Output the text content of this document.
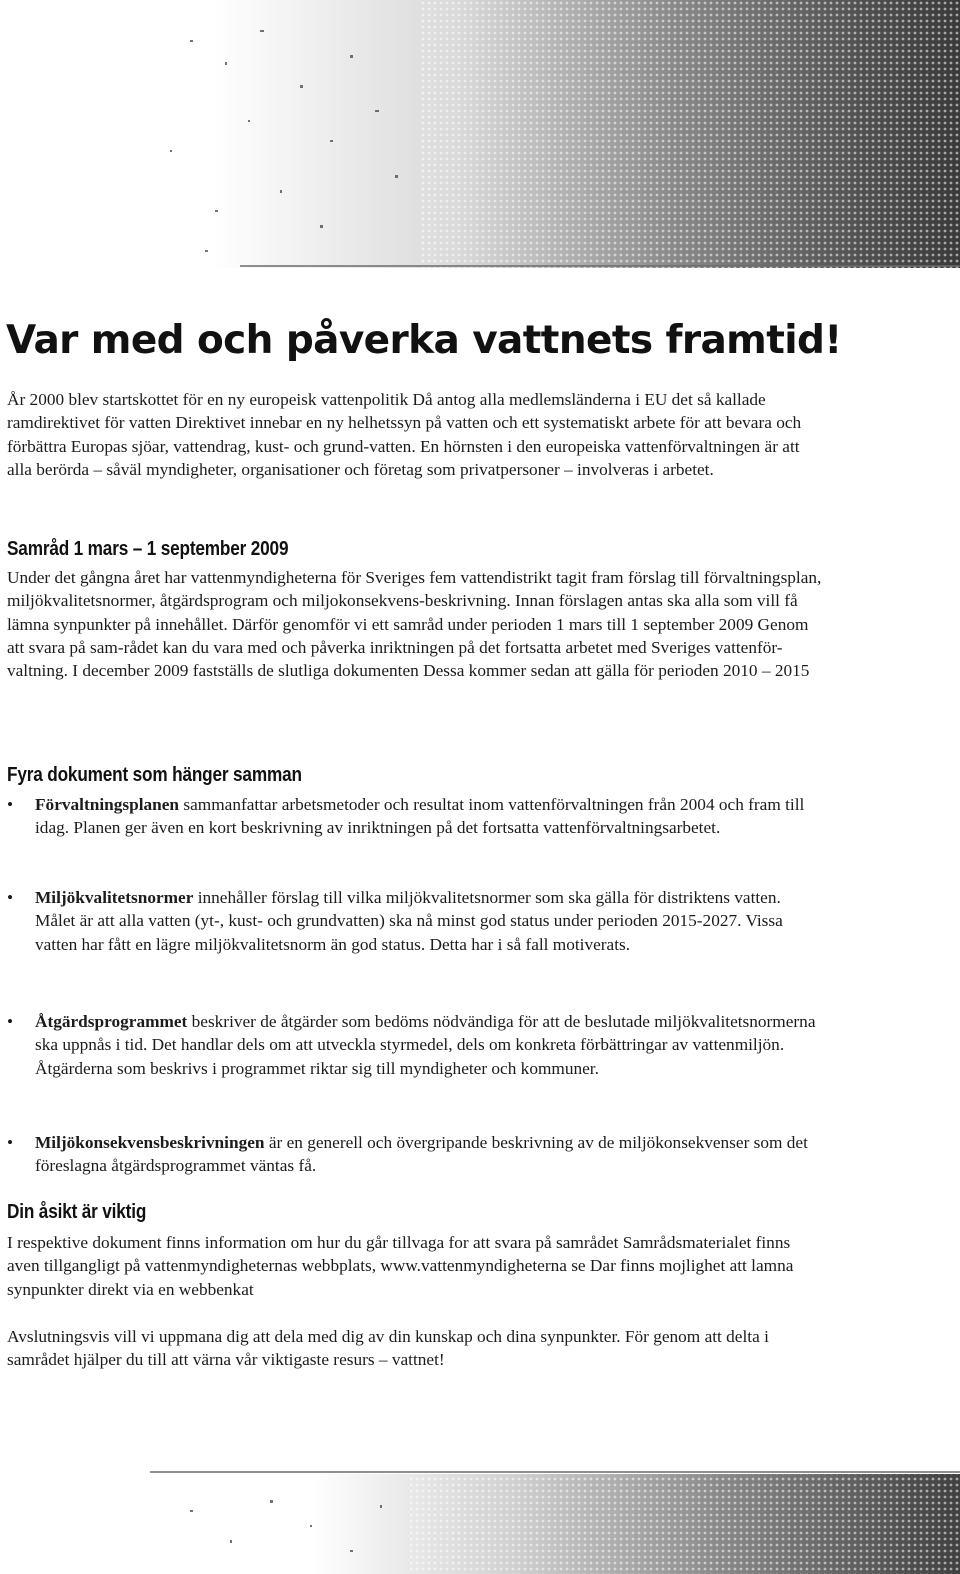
Var med och påverka vattnets framtid!

År 2000 blev startskottet för en ny europeisk vattenpolitik Då antog alla medlemsländerna i EU det så kallade ramdirektivet för vatten Direktivet innebar en ny helhetssyn på vatten och ett systematiskt arbete för att bevara och förbättra Europas sjöar, vattendrag, kust- och grund-vatten. En hörnsten i den europeiska vattenförvaltningen är att alla berörda – såväl myndigheter, organisationer och företag som privatpersoner – involveras i arbetet.

Samråd 1 mars – 1 september 2009

Under det gångna året har vattenmyndigheterna för Sveriges fem vattendistrikt tagit fram förslag till förvaltningsplan, miljökvalitetsnormer, åtgärdsprogram och miljokonsekvens-beskrivning. Innan förslagen antas ska alla som vill få lämna synpunkter på innehållet. Därför genomför vi ett samråd under perioden 1 mars till 1 september 2009 Genom att svara på sam-rådet kan du vara med och påverka inriktningen på det fortsatta arbetet med Sveriges vattenför-valtning. I december 2009 fastställs de slutliga dokumenten Dessa kommer sedan att gälla för perioden 2010 – 2015

Fyra dokument som hänger samman
• Förvaltningsplanen sammanfattar arbetsmetoder och resultat inom vattenförvaltningen från 2004 och fram till idag. Planen ger även en kort beskrivning av inriktningen på det fortsatta vattenförvaltningsarbetet.
• Miljökvalitetsnormer innehåller förslag till vilka miljökvalitetsnormer som ska gälla för distriktens vatten. Målet är att alla vatten (yt-, kust- och grundvatten) ska nå minst god status under perioden 2015-2027. Vissa vatten har fått en lägre miljökvalitetsnorm än god status. Detta har i så fall motiverats.
• Åtgärdsprogrammet beskriver de åtgärder som bedöms nödvändiga för att de beslutade miljökvalitetsnormerna ska uppnås i tid. Det handlar dels om att utveckla styrmedel, dels om konkreta förbättringar av vattenmiljön. Åtgärderna som beskrivs i programmet riktar sig till myndigheter och kommuner.
• Miljökonsekvensbeskrivningen är en generell och övergripande beskrivning av de miljökonsekvenser som det föreslagna åtgärdsprogrammet väntas få.
Din åsikt är viktig

I respektive dokument finns information om hur du går tillvaga for att svara på samrådet Samrådsmaterialet finns aven tillgangligt på vattenmyndigheternas webbplats, www.vattenmyndigheterna se Dar finns mojlighet att lamna synpunkter direkt via en webbenkat

Avslutningsvis vill vi uppmana dig att dela med dig av din kunskap och dina synpunkter. För genom att delta i samrådet hjälper du till att värna vår viktigaste resurs – vattnet!
